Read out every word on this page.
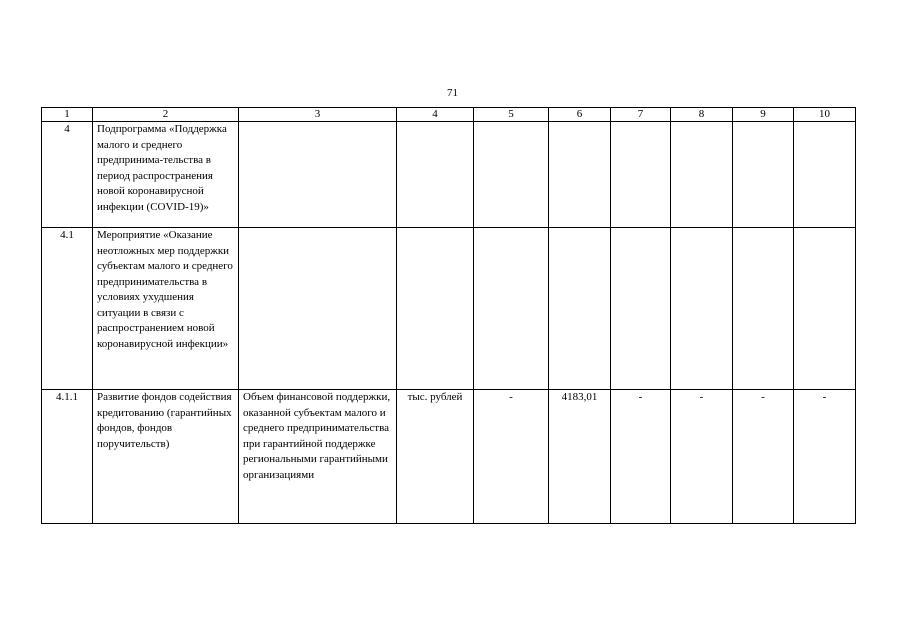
71
1	2	3	4	5	6	7	8	9	10
4	Подпрограмма «Поддержка малого и среднего предпринима-тельства в период распространения новой коронавирусной инфекции (COVID-19)»								
4.1	Мероприятие «Оказание неотложных мер поддержки субъектам малого и среднего предпринимательства в условиях ухудшения ситуации в связи с распространением новой коронавирусной инфекции»								
4.1.1	Развитие фондов содействия кредитованию (гарантийных фондов, фондов поручительств)	Объем финансовой поддержки, оказанной субъектам малого и среднего предпринимательства при гарантийной поддержке региональными гарантийными организациями	тыс. рублей	-	4183,01	-	-	-	-
